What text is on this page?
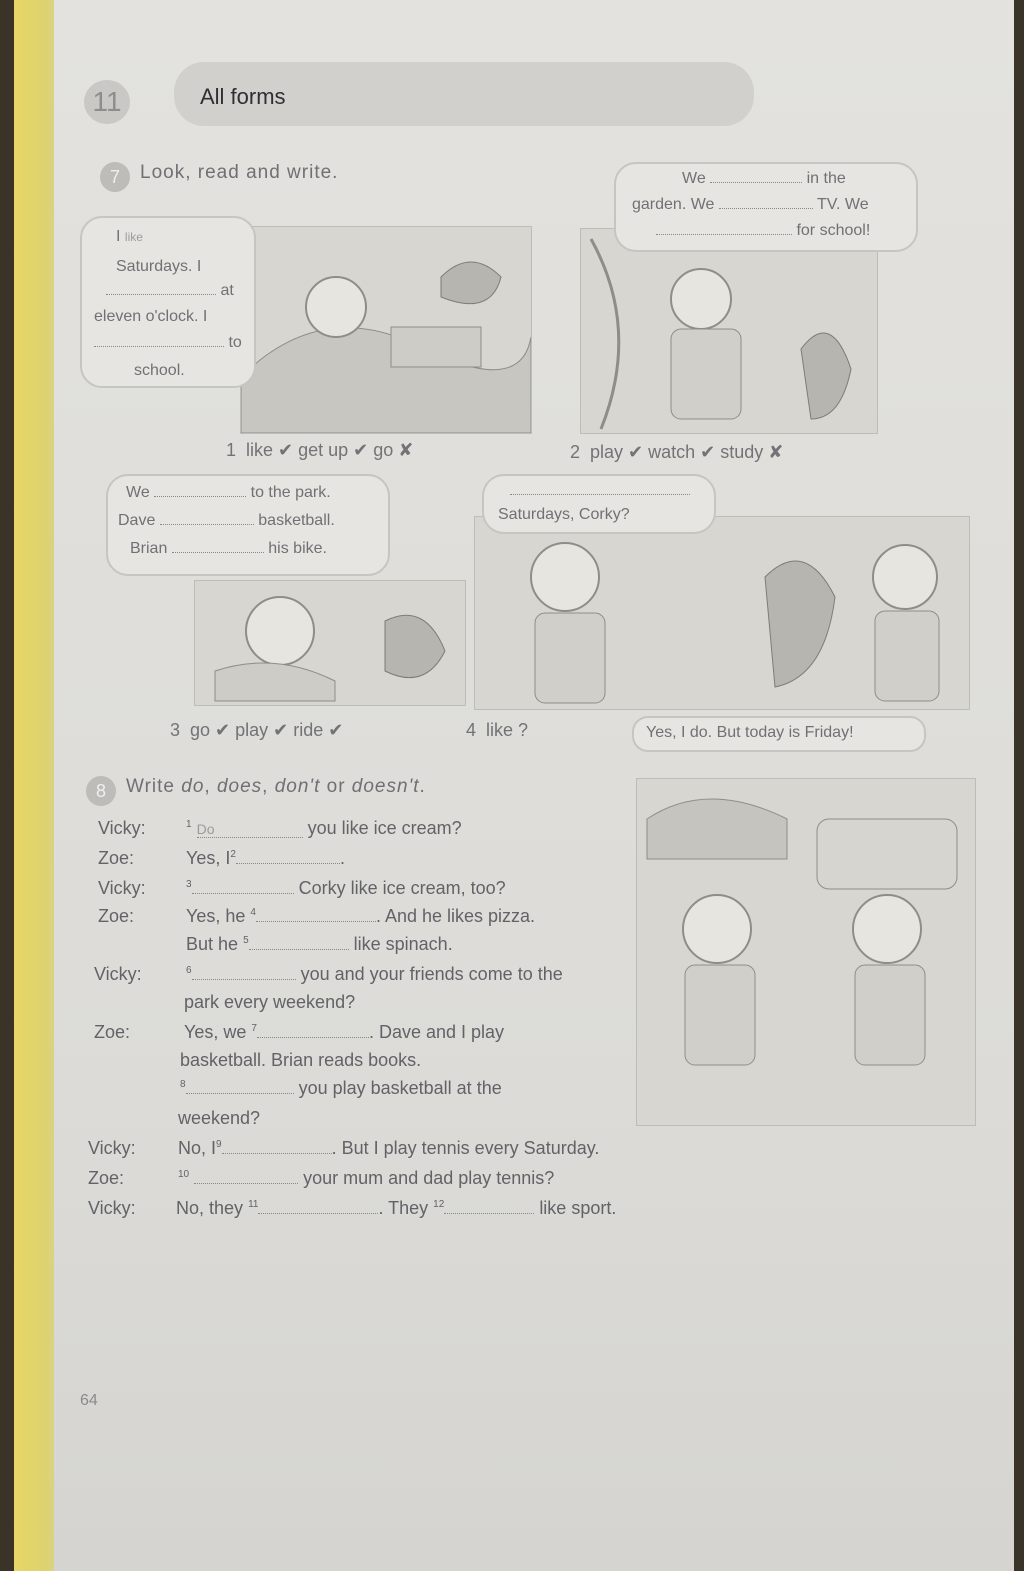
11	All forms
7	Look, read and write.
I like
Saturdays. I
at
eleven o'clock. I
to
school.
1 like ✔ get up ✔ go ✘
We	in the
garden. We	TV. We
for school!
2 play ✔ watch ✔ study ✘
We	to the park.
Dave	basketball.
Brian	his bike.
3 go ✔ play ✔ ride ✔
Saturdays, Corky?
4 like ?	Yes, I do. But today is Friday!
8	Write do, does, don't or doesn't.
Vicky:	$^1$ Do	you like ice cream?
Zoe:	Yes, $I^2$	.
Vicky:	$^3$	Corky like ice cream, too?
Zoe:	Yes, he $^4$	. And he likes pizza.
But he $^5$	like spinach.
Vicky:	$^6$	you and your friends come to the
park every weekend?
Zoe:	Yes, we $^7$	. Dave and I play
basketball. Brian reads books.
$^8$	you play basketball at the
weekend?
Vicky: No, $I^9$	. But I play tennis every Saturday.
Zoe:	$^{10}$	your mum and dad play tennis?
Vicky: No, they $^{11}$	. They $^{12}$	like sport.
64
